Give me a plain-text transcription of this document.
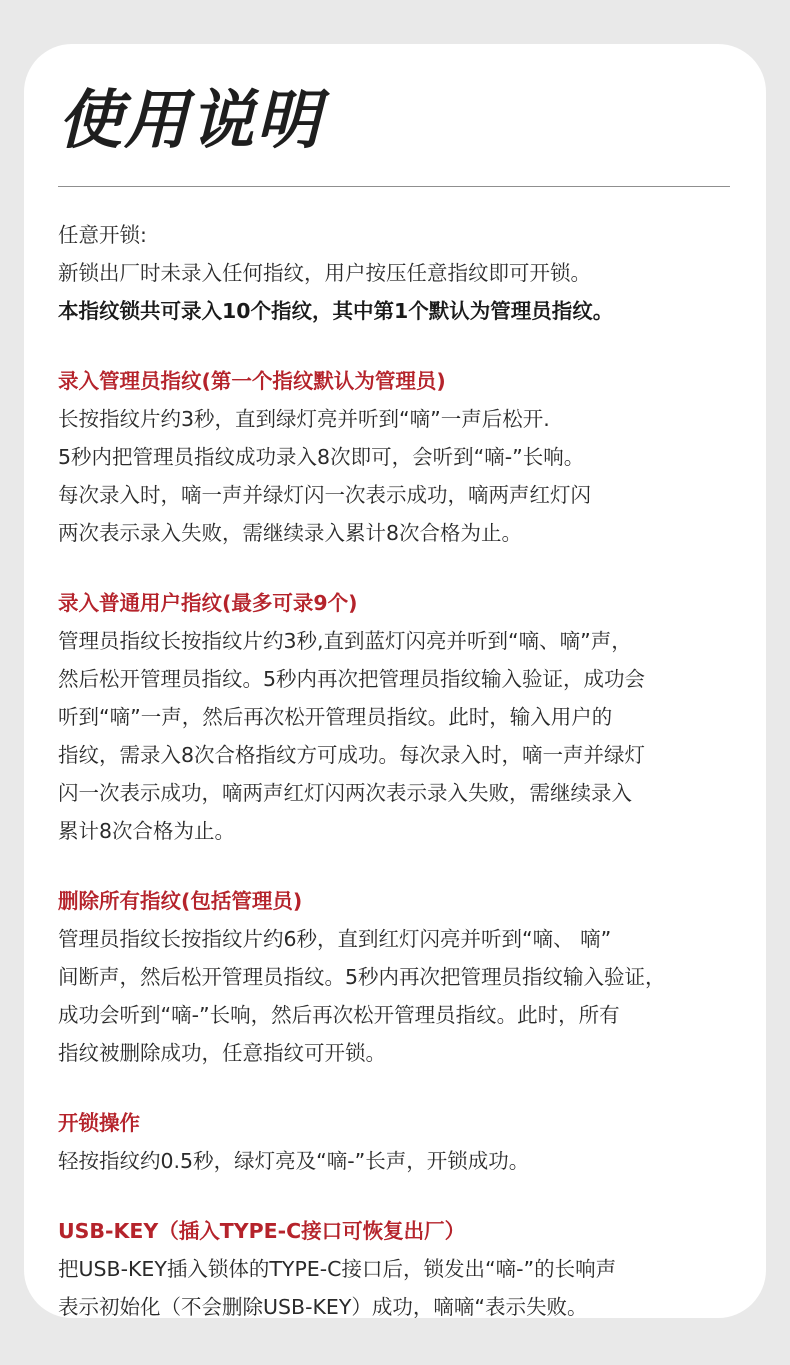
使用说明

任意开锁:

新锁出厂时未录入任何指纹，用户按压任意指纹即可开锁。

本指纹锁共可录入10个指纹，其中第1个默认为管理员指纹。

录入管理员指纹(第一个指纹默认为管理员)

长按指纹片约3秒，直到绿灯亮并听到“嘀”一声后松开.

5秒内把管理员指纹成功录入8次即可，会听到“嘀-”长响。

每次录入时，嘀一声并绿灯闪一次表示成功，嘀两声红灯闪

两次表示录入失败，需继续录入累计8次合格为止。

录入普通用户指纹(最多可录9个)

管理员指纹长按指纹片约3秒,直到蓝灯闪亮并听到“嘀、嘀”声，

然后松开管理员指纹。5秒内再次把管理员指纹输入验证，成功会

听到“嘀”一声，然后再次松开管理员指纹。此时，输入用户的

指纹，需录入8次合格指纹方可成功。每次录入时，嘀一声并绿灯

闪一次表示成功，嘀两声红灯闪两次表示录入失败，需继续录入

累计8次合格为止。

删除所有指纹(包括管理员)

管理员指纹长按指纹片约6秒，直到红灯闪亮并听到“嘀、 嘀”

间断声，然后松开管理员指纹。5秒内再次把管理员指纹输入验证，

成功会听到“嘀-”长响，然后再次松开管理员指纹。此时，所有

指纹被删除成功，任意指纹可开锁。

开锁操作

轻按指纹约0.5秒，绿灯亮及“嘀-”长声，开锁成功。

USB-KEY（插入TYPE-C接口可恢复出厂）

把USB-KEY插入锁体的TYPE-C接口后，锁发出“嘀-”的长响声

表示初始化（不会删除USB-KEY）成功，嘀嘀“表示失败。
